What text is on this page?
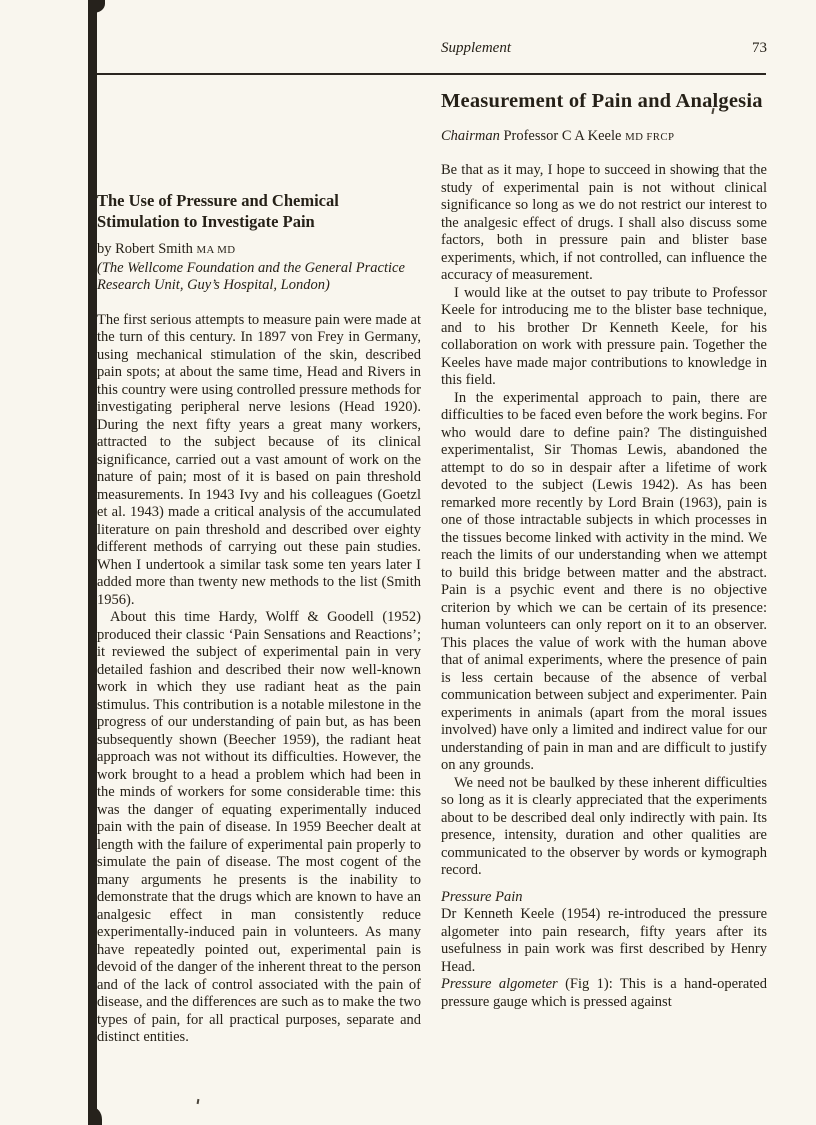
Supplement	73
The Use of Pressure and Chemical Stimulation to Investigate Pain

by Robert Smith MA MD

(The Wellcome Foundation and the General Practice Research Unit, Guy’s Hospital, London)

The first serious attempts to measure pain were made at the turn of this century. In 1897 von Frey in Germany, using mechanical stimulation of the skin, described pain spots; at about the same time, Head and Rivers in this country were using controlled pressure methods for investigating peripheral nerve lesions (Head 1920). During the next fifty years a great many workers, attracted to the subject because of its clinical significance, carried out a vast amount of work on the nature of pain; most of it is based on pain threshold measurements. In 1943 Ivy and his colleagues (Goetzl et al. 1943) made a critical analysis of the accumulated literature on pain threshold and described over eighty different methods of carrying out these pain studies. When I undertook a similar task some ten years later I added more than twenty new methods to the list (Smith 1956).

About this time Hardy, Wolff & Goodell (1952) produced their classic ‘Pain Sensations and Reactions’; it reviewed the subject of experimental pain in very detailed fashion and described their now well-known work in which they use radiant heat as the pain stimulus. This contribution is a notable milestone in the progress of our understanding of pain but, as has been subsequently shown (Beecher 1959), the radiant heat approach was not without its difficulties. However, the work brought to a head a problem which had been in the minds of workers for some considerable time: this was the danger of equating experimentally induced pain with the pain of disease. In 1959 Beecher dealt at length with the failure of experimental pain properly to simulate the pain of disease. The most cogent of the many arguments he presents is the inability to demonstrate that the drugs which are known to have an analgesic effect in man consistently reduce experimentally-induced pain in volunteers. As many have repeatedly pointed out, experimental pain is devoid of the danger of the inherent threat to the person and of the lack of control associated with the pain of disease, and the differences are such as to make the two types of pain, for all practical purposes, separate and distinct entities.

Measurement of Pain and Analgesia

Chairman Professor C A Keele MD FRCP

Be that as it may, I hope to succeed in showing that the study of experimental pain is not without clinical significance so long as we do not restrict our interest to the analgesic effect of drugs. I shall also discuss some factors, both in pressure pain and blister base experiments, which, if not controlled, can influence the accuracy of measurement.

I would like at the outset to pay tribute to Professor Keele for introducing me to the blister base technique, and to his brother Dr Kenneth Keele, for his collaboration on work with pressure pain. Together the Keeles have made major contributions to knowledge in this field.

In the experimental approach to pain, there are difficulties to be faced even before the work begins. For who would dare to define pain? The distinguished experimentalist, Sir Thomas Lewis, abandoned the attempt to do so in despair after a lifetime of work devoted to the subject (Lewis 1942). As has been remarked more recently by Lord Brain (1963), pain is one of those intractable subjects in which processes in the tissues become linked with activity in the mind. We reach the limits of our understanding when we attempt to build this bridge between matter and the abstract. Pain is a psychic event and there is no objective criterion by which we can be certain of its presence: human volunteers can only report on it to an observer. This places the value of work with the human above that of animal experiments, where the presence of pain is less certain because of the absence of verbal communication between subject and experimenter. Pain experiments in animals (apart from the moral issues involved) have only a limited and indirect value for our understanding of pain in man and are difficult to justify on any grounds.

We need not be baulked by these inherent difficulties so long as it is clearly appreciated that the experiments about to be described deal only indirectly with pain. Its presence, intensity, duration and other qualities are communicated to the observer by words or kymograph record.

Pressure Pain

Dr Kenneth Keele (1954) re-introduced the pressure algometer into pain research, fifty years after its usefulness in pain work was first described by Henry Head.

Pressure algometer (Fig 1): This is a hand-operated pressure gauge which is pressed against
